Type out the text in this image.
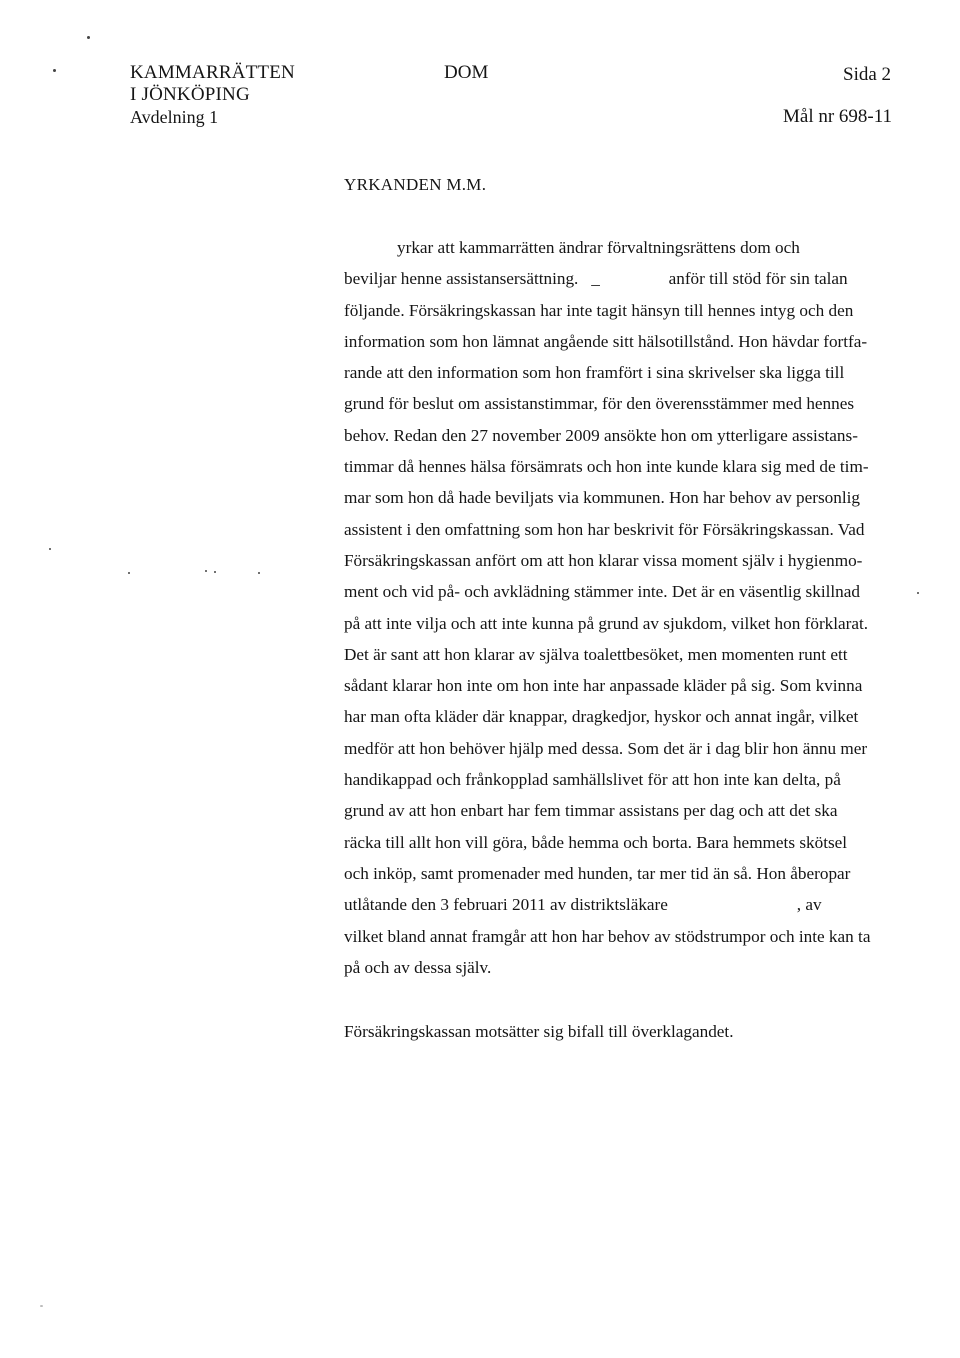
KAMMARRÄTTEN

I JÖNKÖPING

Avdelning 1

DOM	Sida 2

Mål nr 698-11

YRKANDEN M.M.

yrkar att kammarrätten ändrar förvaltningsrättens dom och
beviljar henne assistansersättning.   _                anför till stöd för sin talan
följande. Försäkringskassan har inte tagit hänsyn till hennes intyg och den
information som hon lämnat angående sitt hälsotillstånd. Hon hävdar fortfa-
rande att den information som hon framfört i sina skrivelser ska ligga till
grund för beslut om assistanstimmar, för den överensstämmer med hennes
behov. Redan den 27 november 2009 ansökte hon om ytterligare assistans-
timmar då hennes hälsa försämrats och hon inte kunde klara sig med de tim-
mar som hon då hade beviljats via kommunen. Hon har behov av personlig
assistent i den omfattning som hon har beskrivit för Försäkringskassan. Vad
Försäkringskassan anfört om att hon klarar vissa moment själv i hygienmo-
ment och vid på- och avklädning stämmer inte. Det är en väsentlig skillnad
på att inte vilja och att inte kunna på grund av sjukdom, vilket hon förklarat.
Det är sant att hon klarar av själva toalettbesöket, men momenten runt ett
sådant klarar hon inte om hon inte har anpassade kläder på sig. Som kvinna
har man ofta kläder där knappar, dragkedjor, hyskor och annat ingår, vilket
medför att hon behöver hjälp med dessa. Som det är i dag blir hon ännu mer
handikappad och frånkopplad samhällslivet för att hon inte kan delta, på
grund av att hon enbart har fem timmar assistans per dag och att det ska
räcka till allt hon vill göra, både hemma och borta. Bara hemmets skötsel
och inköp, samt promenader med hunden, tar mer tid än så. Hon åberopar
utlåtande den 3 februari 2011 av distriktsläkare                              , av
vilket bland annat framgår att hon har behov av stödstrumpor och inte kan ta
på och av dessa själv.

Försäkringskassan motsätter sig bifall till överklagandet.
